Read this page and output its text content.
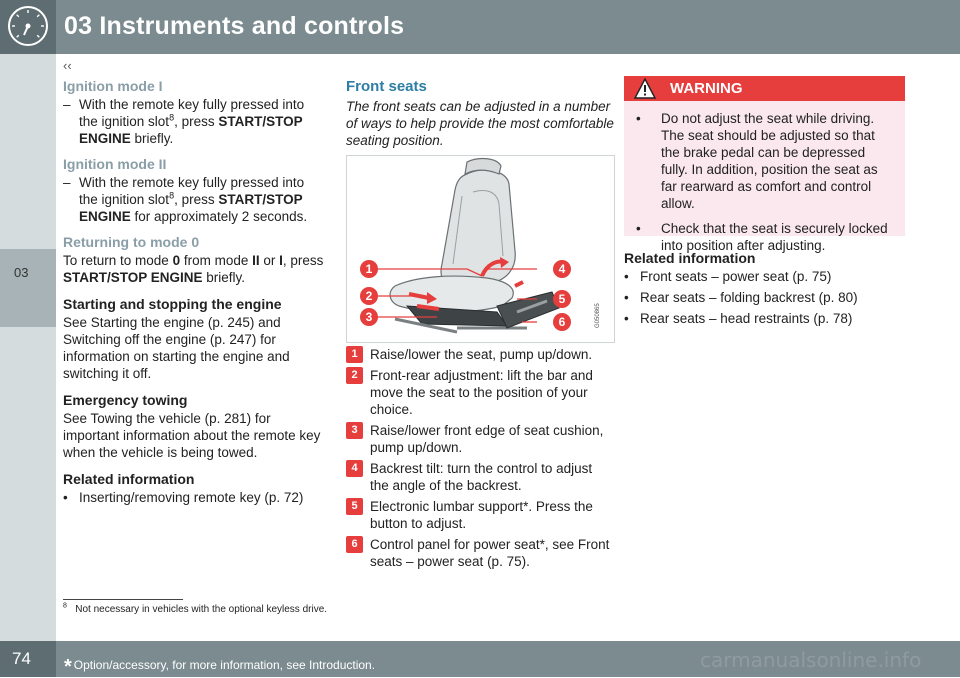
03 Instruments and controls
03
‹‹
Ignition mode I
– With the remote key fully pressed into the ignition slot$^8$, press START/STOP ENGINE briefly.
Ignition mode II
– With the remote key fully pressed into the ignition slot$^8$, press START/STOP ENGINE for approximately 2 seconds.
Returning to mode 0
To return to mode 0 from mode II or I, press START/STOP ENGINE briefly.
Starting and stopping the engine
See Starting the engine (p. 245) and Switching off the engine (p. 247) for information on starting the engine and switching it off.
Emergency towing
See Towing the vehicle (p. 281) for important information about the remote key when the vehicle is being towed.
Related information
• Inserting/removing remote key (p. 72)
Front seats
The front seats can be adjusted in a number of ways to help provide the most comfortable seating position.
1
2
3
4
5
6	G050865
1 Raise/lower the seat, pump up/down.
2 Front-rear adjustment: lift the bar and move the seat to the position of your choice.
3 Raise/lower front edge of seat cushion, pump up/down.
4 Backrest tilt: turn the control to adjust the angle of the backrest.
5 Electronic lumbar support*. Press the button to adjust.
6 Control panel for power seat*, see Front seats – power seat (p. 75).
WARNING
• Do not adjust the seat while driving. The seat should be adjusted so that the brake pedal can be depressed fully. In addition, position the seat as far rearward as comfort and control allow.
• Check that the seat is securely locked into position after adjusting.
Related information
• Front seats – power seat (p. 75)
• Rear seats – folding backrest (p. 80)
• Rear seats – head restraints (p. 78)
$^8$ Not necessary in vehicles with the optional keyless drive.
74 * Option/accessory, for more information, see Introduction.	carmanualsonline.info
